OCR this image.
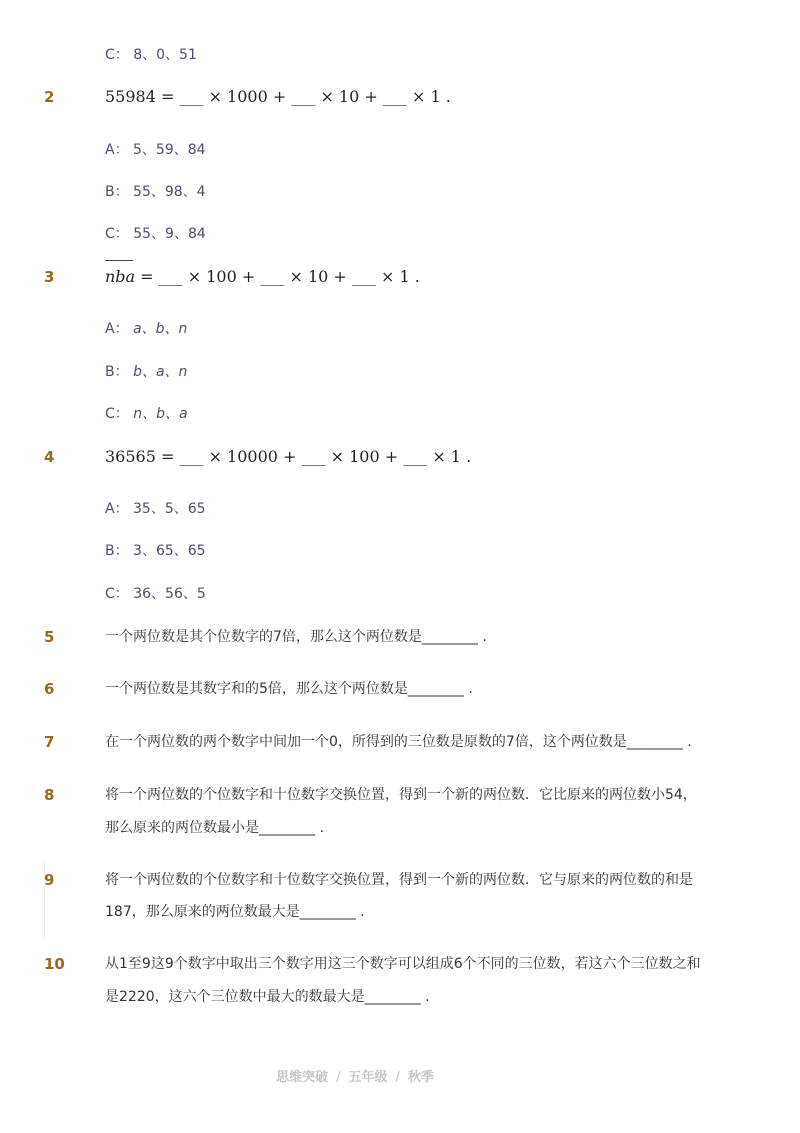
C： 8、0、51
2	55984 = ___ × 1000 + ___ × 10 + ___ × 1 .
A： 5、59、84
B： 55、98、4
C： 55、9、84
3	nba = ___ × 100 + ___ × 10 + ___ × 1 .
A： a、b、n
B： b、a、n
C： n、b、a
4	36565 = ___ × 10000 + ___ × 100 + ___ × 1 .
A： 35、5、65
B： 3、65、65
C： 36、56、5
5	一个两位数是其个位数字的7倍，那么这个两位数是________ .
6	一个两位数是其数字和的5倍，那么这个两位数是________ .
7	在一个两位数的两个数字中间加一个0，所得到的三位数是原数的7倍，这个两位数是________ .
8	将一个两位数的个位数字和十位数字交换位置，得到一个新的两位数．它比原来的两位数小54，
那么原来的两位数最小是________ .
9	将一个两位数的个位数字和十位数字交换位置，得到一个新的两位数．它与原来的两位数的和是
187，那么原来的两位数最大是________ .
10	从1至9这9个数字中取出三个数字用这三个数字可以组成6个不同的三位数，若这六个三位数之和
是2220，这六个三位数中最大的数最大是________ .
思维突破 / 五年级 / 秋季
